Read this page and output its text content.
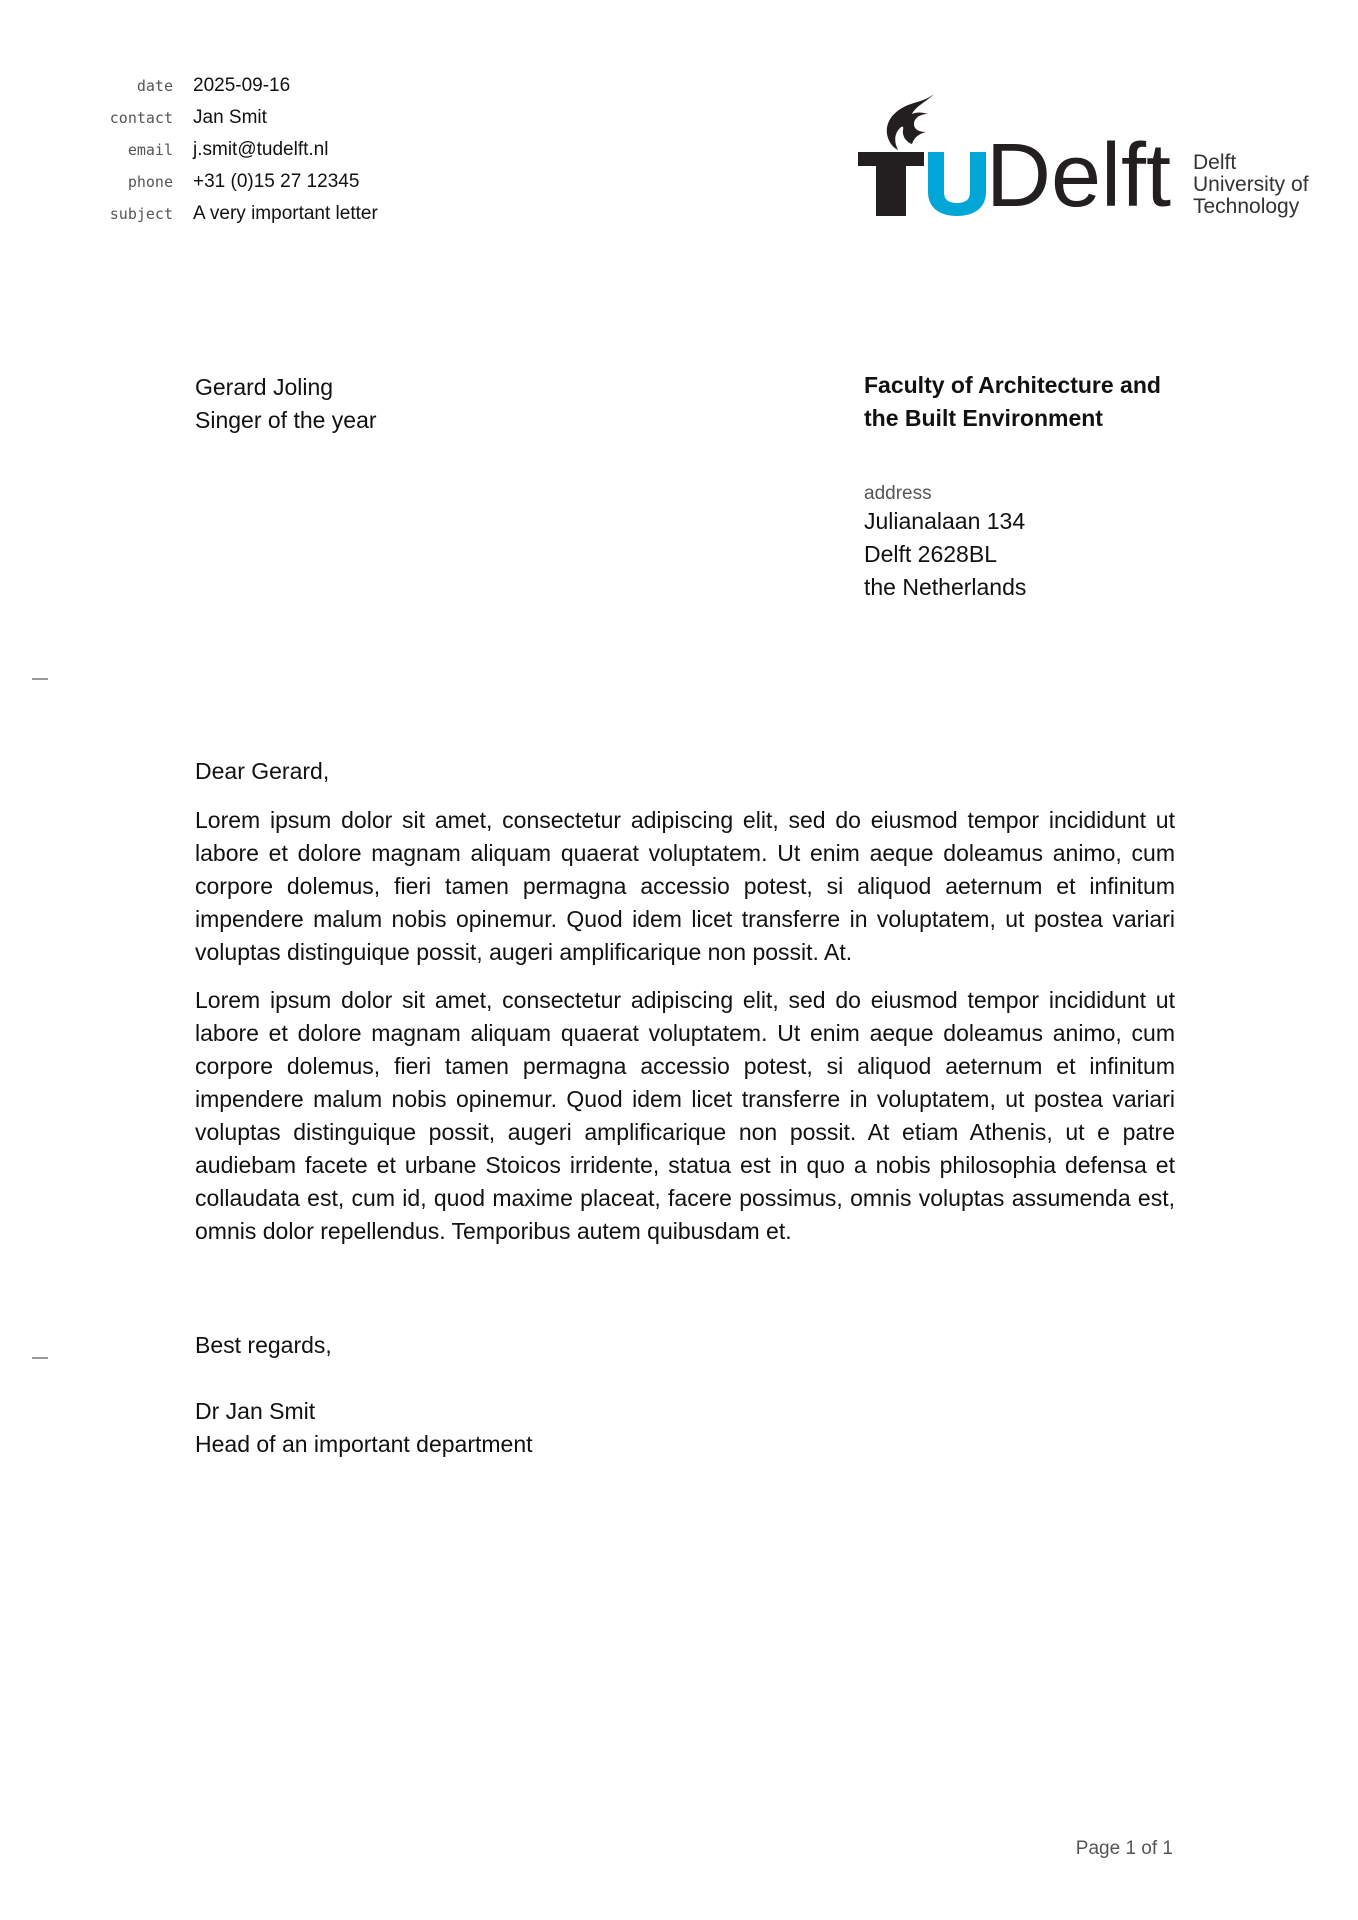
date 2025-09-16
contact Jan Smit
email j.smit@tudelft.nl
phone +31 (0)15 27 12345
subject A very important letter	Delft Delft
University of
Technology
Gerard Joling
Singer of the year
Faculty of Architecture and
the Built Environment
address
Julianalaan 134
Delft 2628BL
the Netherlands
Dear Gerard,

Lorem ipsum dolor sit amet, consectetur adipiscing elit, sed do eiusmod tempor incididunt ut labore et dolore magnam aliquam quaerat voluptatem. Ut enim aeque doleamus animo, cum corpore dolemus, fieri tamen permagna accessio potest, si aliquod aeternum et infinitum impendere malum nobis opinemur. Quod idem licet transferre in voluptatem, ut postea variari voluptas distinguique possit, augeri amplificarique non possit. At.

Lorem ipsum dolor sit amet, consectetur adipiscing elit, sed do eiusmod tempor incididunt ut labore et dolore magnam aliquam quaerat voluptatem. Ut enim aeque doleamus animo, cum corpore dolemus, fieri tamen permagna accessio potest, si aliquod aeternum et infinitum impendere malum nobis opinemur. Quod idem licet transferre in voluptatem, ut postea variari voluptas distinguique possit, augeri amplificarique non possit. At etiam Athenis, ut e patre audiebam facete et urbane Stoicos irridente, statua est in quo a nobis philosophia defensa et collaudata est, cum id, quod maxime placeat, facere possimus, omnis voluptas assumenda est, omnis dolor repellendus. Temporibus autem quibusdam et.

Best regards,
Dr Jan Smit
Head of an important department
Page 1 of 1
